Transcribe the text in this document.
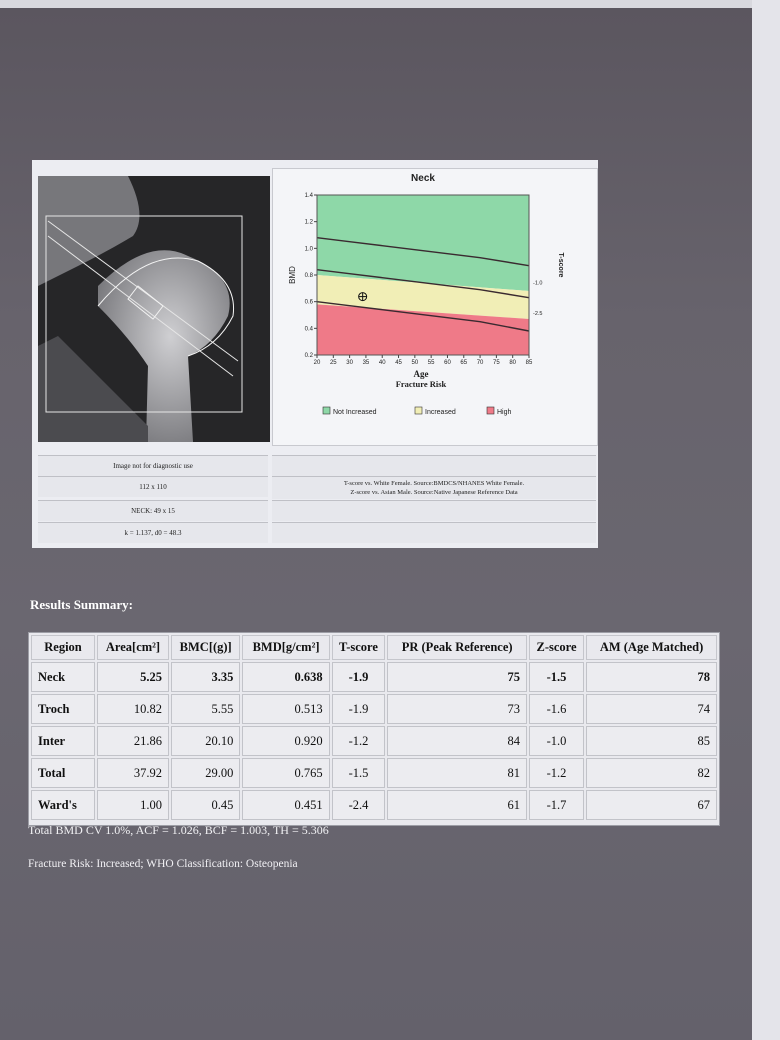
Neck
0.2
0.4
0.6
0.8
1.0
1.2
1.4
20 25 30 35 40 45 50 55 60 65 70 75 80 85
BMD
Age
Fracture Risk
T-score
-1.0
-2.5
Not Increased	Increased	High
Image not for diagnostic use
112 x 110	T-score vs. White Female. Source:BMDCS/NHANES White Female.
Z-score vs. Asian Male. Source:Native Japanese Reference Data
NECK: 49 x 15
k = 1.137, d0 = 48.3
Results Summary:
Region	Area[cm²]	BMC[(g)]	BMD[g/cm²]	T-score	PR (Peak Reference)	Z-score	AM (Age Matched)
Neck	5.25	3.35	0.638	-1.9	75	-1.5	78
Troch	10.82	5.55	0.513	-1.9	73	-1.6	74
Inter	21.86	20.10	0.920	-1.2	84	-1.0	85
Total	37.92	29.00	0.765	-1.5	81	-1.2	82
Ward's	1.00	0.45	0.451	-2.4	61	-1.7	67
Total BMD CV 1.0%, ACF = 1.026, BCF = 1.003, TH = 5.306
Fracture Risk: Increased; WHO Classification: Osteopenia
